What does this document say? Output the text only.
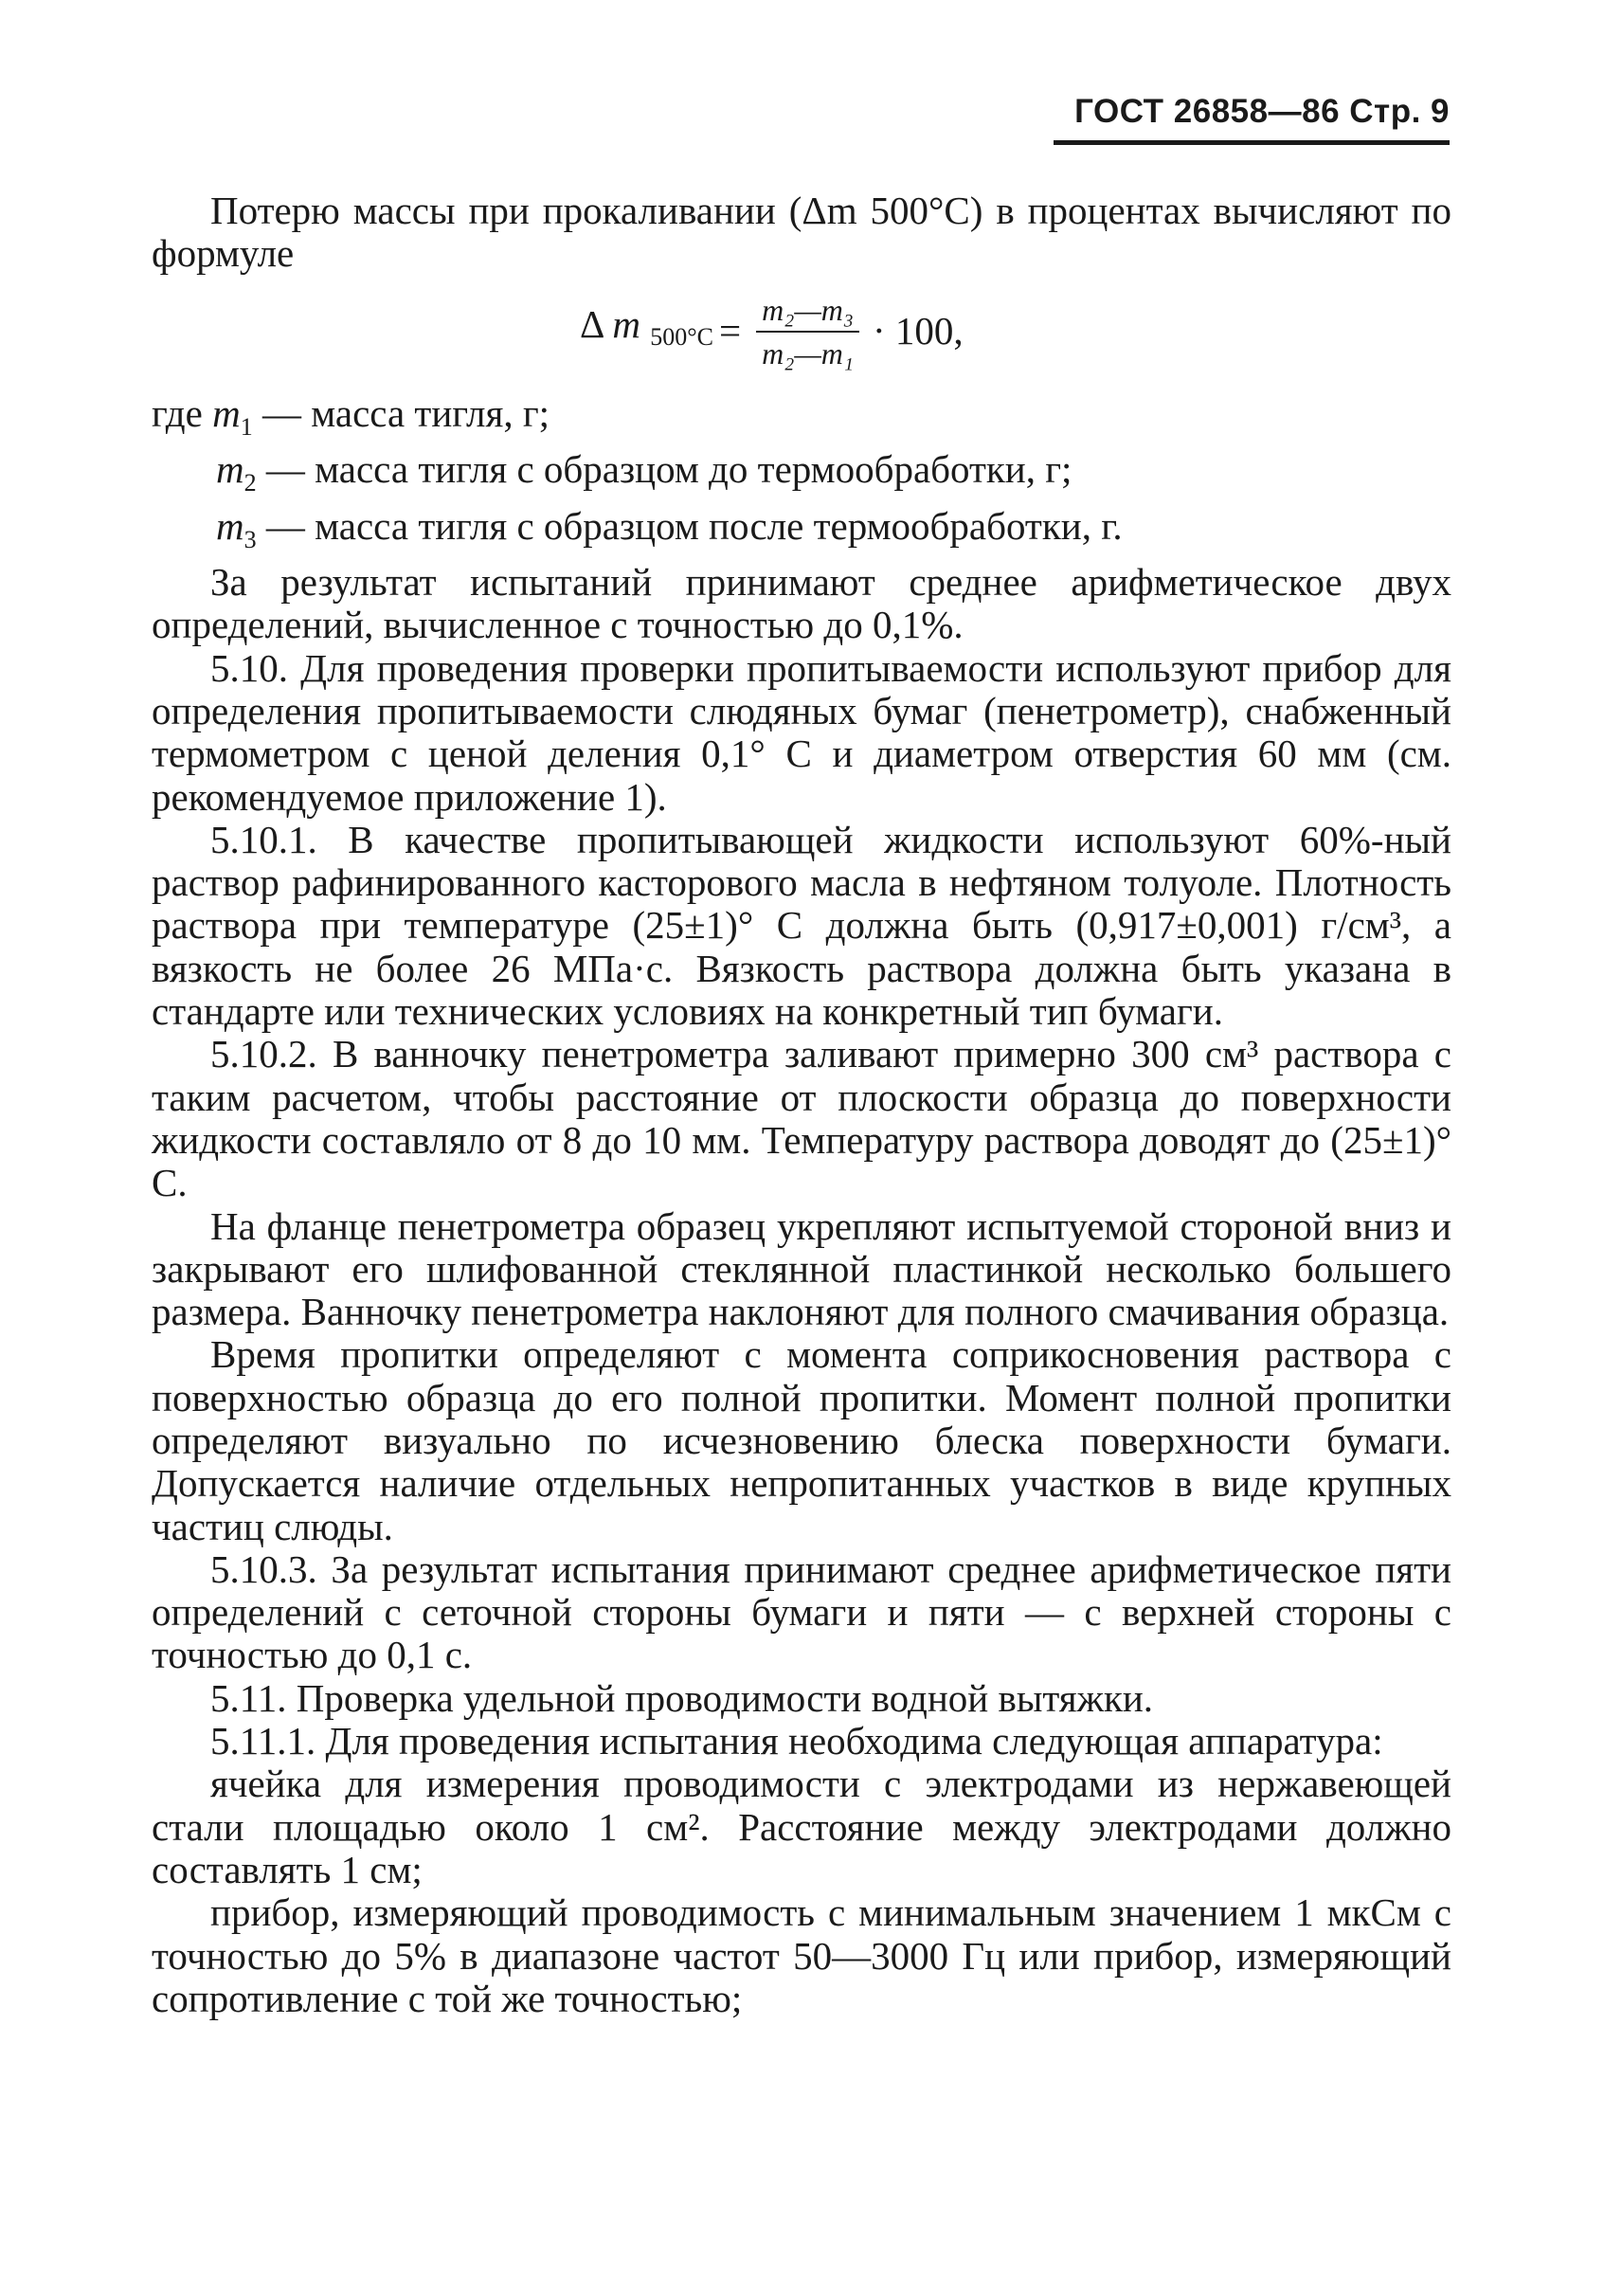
ГОСТ 26858—86 Стр. 9

Потерю массы при прокаливании (Δm 500°C) в процентах вычисляют по формуле

Δ m $_{500^\circ C} = \frac{\text{m₂—m₃}}{\text{m₂—m₁}} \cdot 100$,

где $m_1$ — масса тигля, г;

$m_2$ — масса тигля с образцом до термообработки, г;

$m_3$ — масса тигля с образцом после термообработки, г.

За результат испытаний принимают среднее арифметическое двух определений, вычисленное с точностью до 0,1%.

5.10. Для проведения проверки пропитываемости используют прибор для определения пропитываемости слюдяных бумаг (пенетрометр), снабженный термометром с ценой деления 0,1° С и диаметром отверстия 60 мм (см. рекомендуемое приложение 1).

5.10.1. В качестве пропитывающей жидкости используют 60%-ный раствор рафинированного касторового масла в нефтяном толуоле. Плотность раствора при температуре (25±1)° С должна быть (0,917±0,001) г/см³, а вязкость не более 26 МПа·с. Вязкость раствора должна быть указана в стандарте или технических условиях на конкретный тип бумаги.

5.10.2. В ванночку пенетрометра заливают примерно 300 см³ раствора с таким расчетом, чтобы расстояние от плоскости образца до поверхности жидкости составляло от 8 до 10 мм. Температуру раствора доводят до (25±1)° С.

На фланце пенетрометра образец укрепляют испытуемой стороной вниз и закрывают его шлифованной стеклянной пластинкой несколько большего размера. Ванночку пенетрометра наклоняют для полного смачивания образца.

Время пропитки определяют с момента соприкосновения раствора с поверхностью образца до его полной пропитки. Момент полной пропитки определяют визуально по исчезновению блеска поверхности бумаги. Допускается наличие отдельных непропитанных участков в виде крупных частиц слюды.

5.10.3. За результат испытания принимают среднее арифметическое пяти определений с сеточной стороны бумаги и пяти — с верхней стороны с точностью до 0,1 с.

5.11. Проверка удельной проводимости водной вытяжки.

5.11.1. Для проведения испытания необходима следующая аппаратура:

ячейка для измерения проводимости с электродами из нержавеющей стали площадью около 1 см². Расстояние между электродами должно составлять 1 см;

прибор, измеряющий проводимость с минимальным значением 1 мкСм с точностью до 5% в диапазоне частот 50—3000 Гц или прибор, измеряющий сопротивление с той же точностью;
